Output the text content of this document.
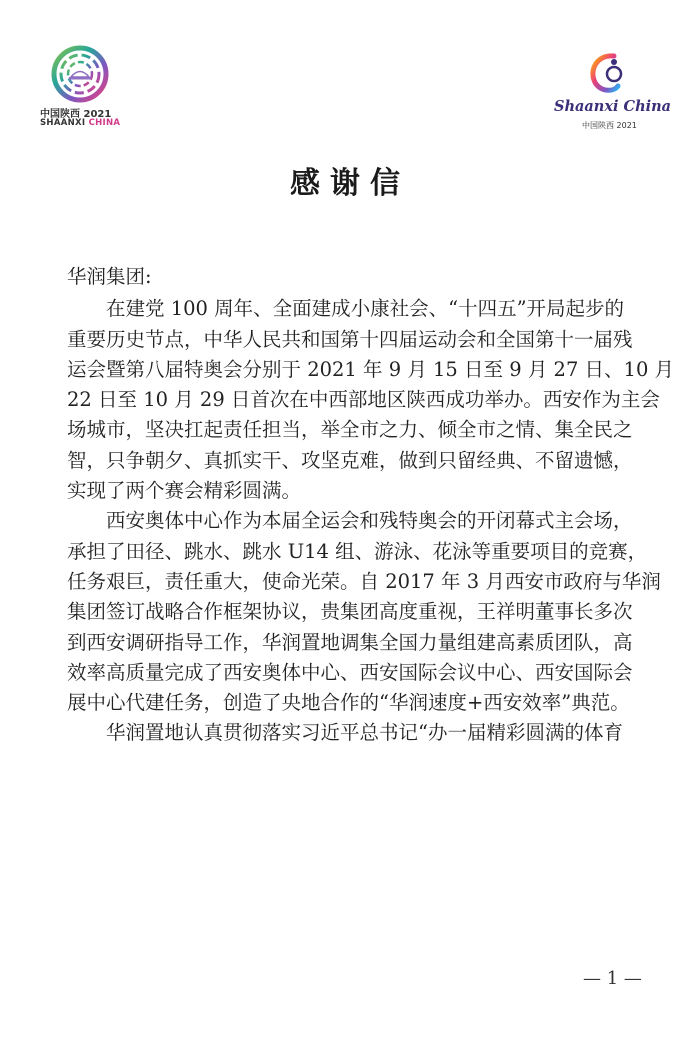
中国陕西 2021
SHAANXI CHINA
Shaanxi China
中国陕西 2021
感谢信
华润集团:
　　在建党 100 周年、全面建成小康社会、“十四五”开局起步的
重要历史节点，中华人民共和国第十四届运动会和全国第十一届残
运会暨第八届特奥会分别于 2021 年 9 月 15 日至 9 月 27 日、10 月
22 日至 10 月 29 日首次在中西部地区陕西成功举办。西安作为主会
场城市，坚决扛起责任担当，举全市之力、倾全市之情、集全民之
智，只争朝夕、真抓实干、攻坚克难，做到只留经典、不留遗憾，
实现了两个赛会精彩圆满。
　　西安奥体中心作为本届全运会和残特奥会的开闭幕式主会场，
承担了田径、跳水、跳水 U14 组、游泳、花泳等重要项目的竞赛，
任务艰巨，责任重大，使命光荣。自 2017 年 3 月西安市政府与华润
集团签订战略合作框架协议，贵集团高度重视，王祥明董事长多次
到西安调研指导工作，华润置地调集全国力量组建高素质团队，高
效率高质量完成了西安奥体中心、西安国际会议中心、西安国际会
展中心代建任务，创造了央地合作的“华润速度+西安效率”典范。
　　华润置地认真贯彻落实习近平总书记“办一届精彩圆满的体育
— 1 —
